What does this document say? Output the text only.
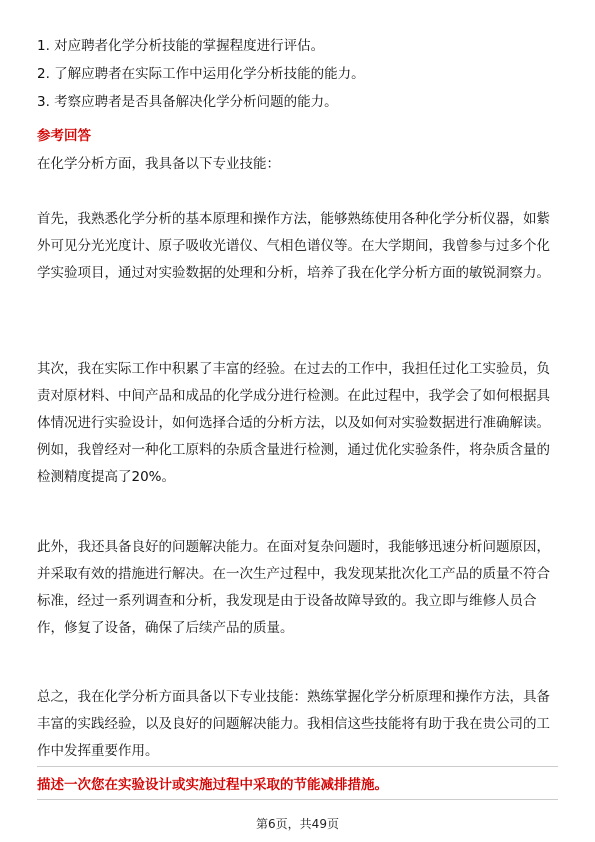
1. 对应聘者化学分析技能的掌握程度进行评估。
2. 了解应聘者在实际工作中运用化学分析技能的能力。
3. 考察应聘者是否具备解决化学分析问题的能力。
参考回答
在化学分析方面，我具备以下专业技能：

首先，我熟悉化学分析的基本原理和操作方法，能够熟练使用各种化学分析仪器，如紫外可见分光光度计、原子吸收光谱仪、气相色谱仪等。在大学期间，我曾参与过多个化学实验项目，通过对实验数据的处理和分析，培养了我在化学分析方面的敏锐洞察力。

其次，我在实际工作中积累了丰富的经验。在过去的工作中，我担任过化工实验员，负责对原材料、中间产品和成品的化学成分进行检测。在此过程中，我学会了如何根据具体情况进行实验设计，如何选择合适的分析方法，以及如何对实验数据进行准确解读。例如，我曾经对一种化工原料的杂质含量进行检测，通过优化实验条件，将杂质含量的检测精度提高了20%。

此外，我还具备良好的问题解决能力。在面对复杂问题时，我能够迅速分析问题原因，并采取有效的措施进行解决。在一次生产过程中，我发现某批次化工产品的质量不符合标准，经过一系列调查和分析，我发现是由于设备故障导致的。我立即与维修人员合作，修复了设备，确保了后续产品的质量。

总之，我在化学分析方面具备以下专业技能：熟练掌握化学分析原理和操作方法，具备丰富的实践经验，以及良好的问题解决能力。我相信这些技能将有助于我在贵公司的工作中发挥重要作用。

描述一次您在实验设计或实施过程中采取的节能减排措施。
第6页，共49页
